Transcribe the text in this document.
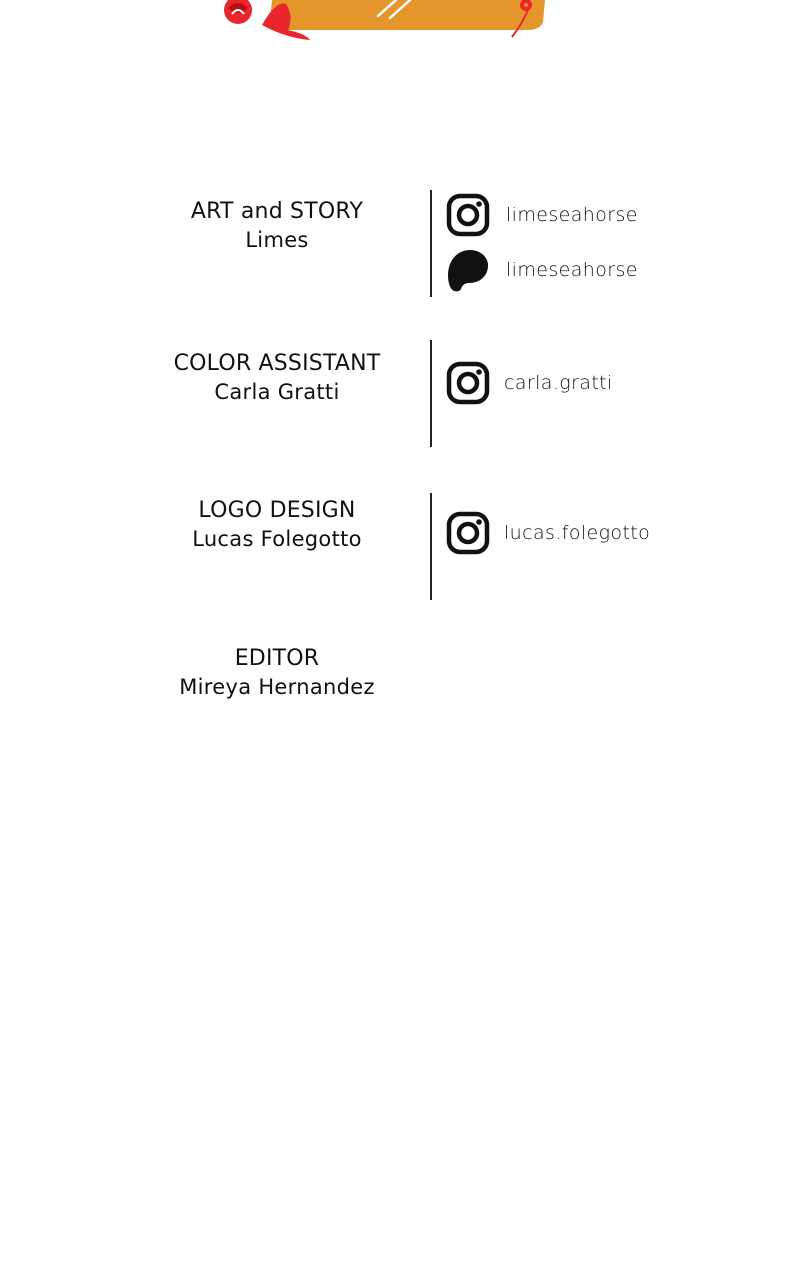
ART and STORY
Limes
limeseahorse
limeseahorse
COLOR ASSISTANT
Carla Gratti	carla.gratti
LOGO DESIGN
Lucas Folegotto	lucas.folegotto
EDITOR
Mireya Hernandez
